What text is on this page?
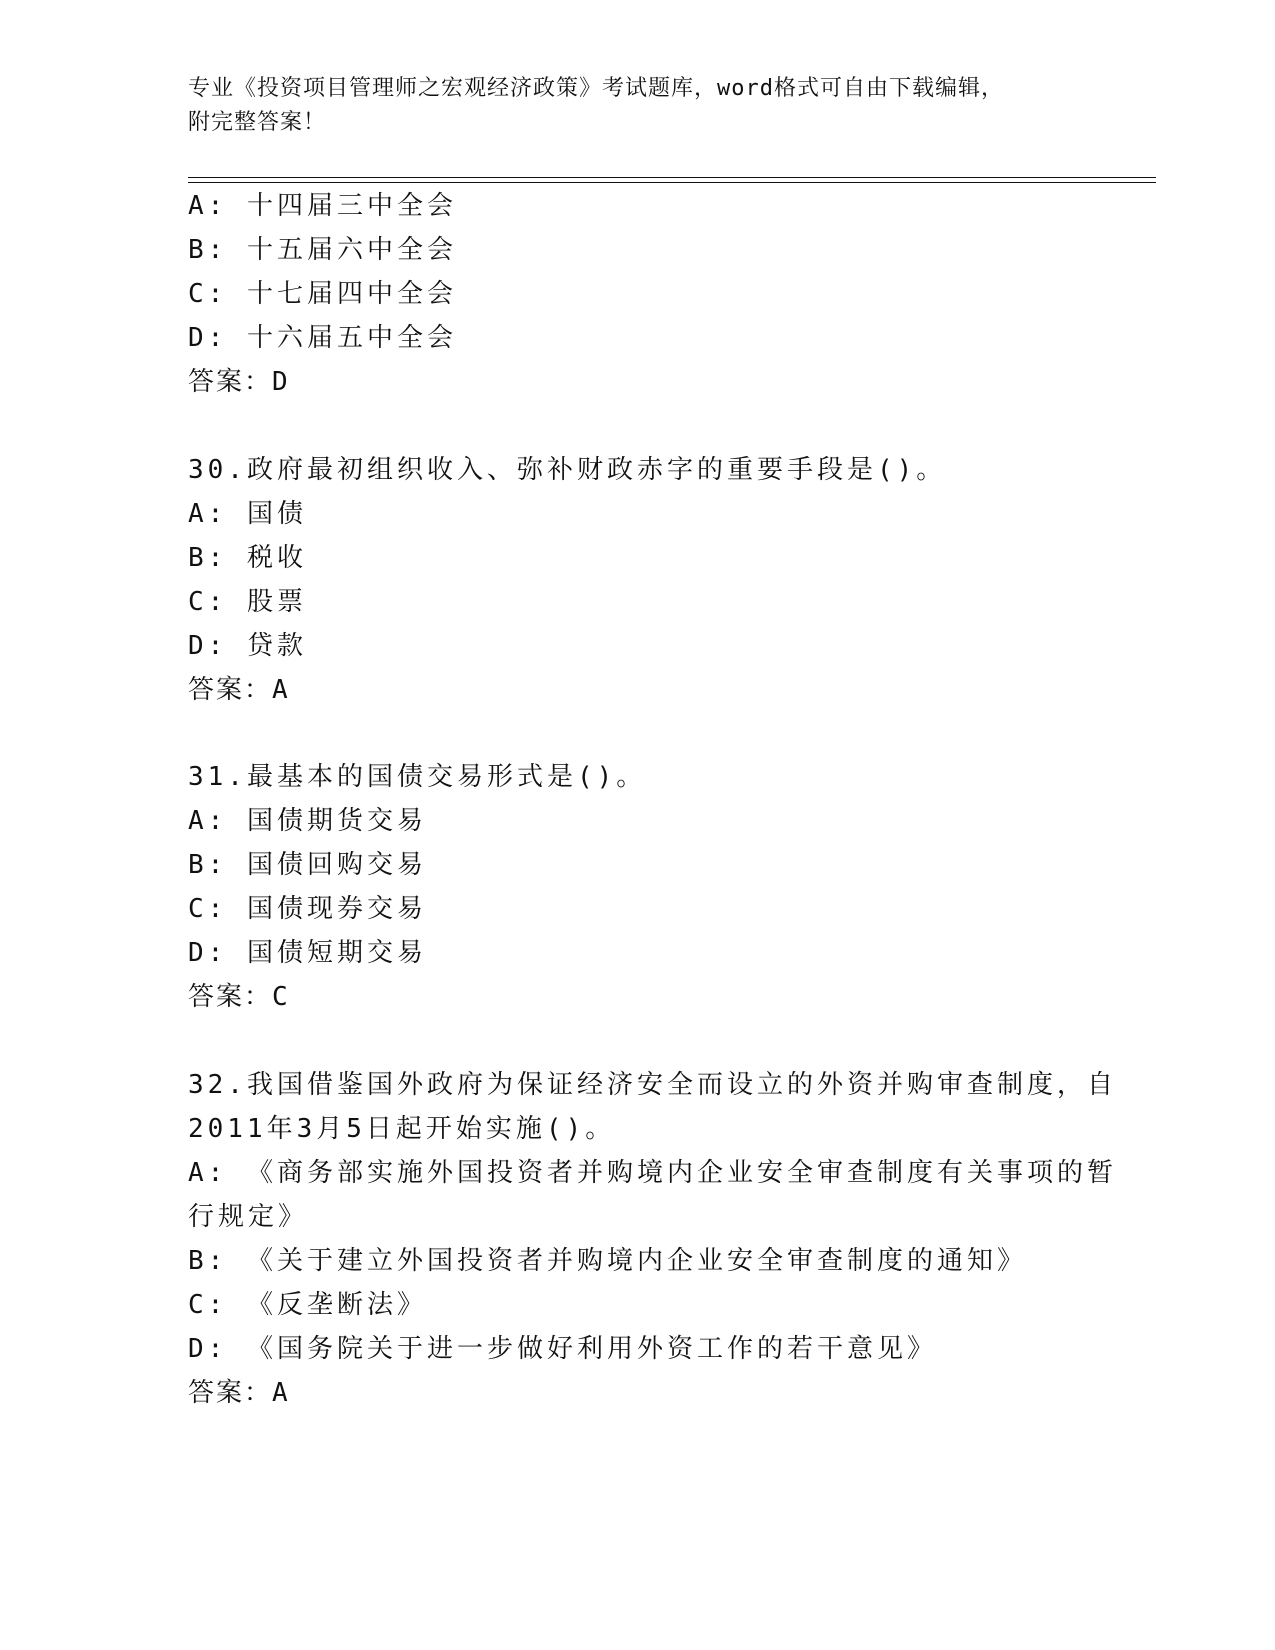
专业《投资项目管理师之宏观经济政策》考试题库，word格式可自由下载编辑，
附完整答案！
A: 十四届三中全会
B: 十五届六中全会
C: 十七届四中全会
D: 十六届五中全会
答案：D
30.政府最初组织收入、弥补财政赤字的重要手段是()。
A: 国债
B: 税收
C: 股票
D: 贷款
答案：A
31.最基本的国债交易形式是()。
A: 国债期货交易
B: 国债回购交易
C: 国债现券交易
D: 国债短期交易
答案：C
32.我国借鉴国外政府为保证经济安全而设立的外资并购审查制度，自
2011年3月5日起开始实施()。
A: 《商务部实施外国投资者并购境内企业安全审查制度有关事项的暂
行规定》
B: 《关于建立外国投资者并购境内企业安全审查制度的通知》
C: 《反垄断法》
D: 《国务院关于进一步做好利用外资工作的若干意见》
答案：A
